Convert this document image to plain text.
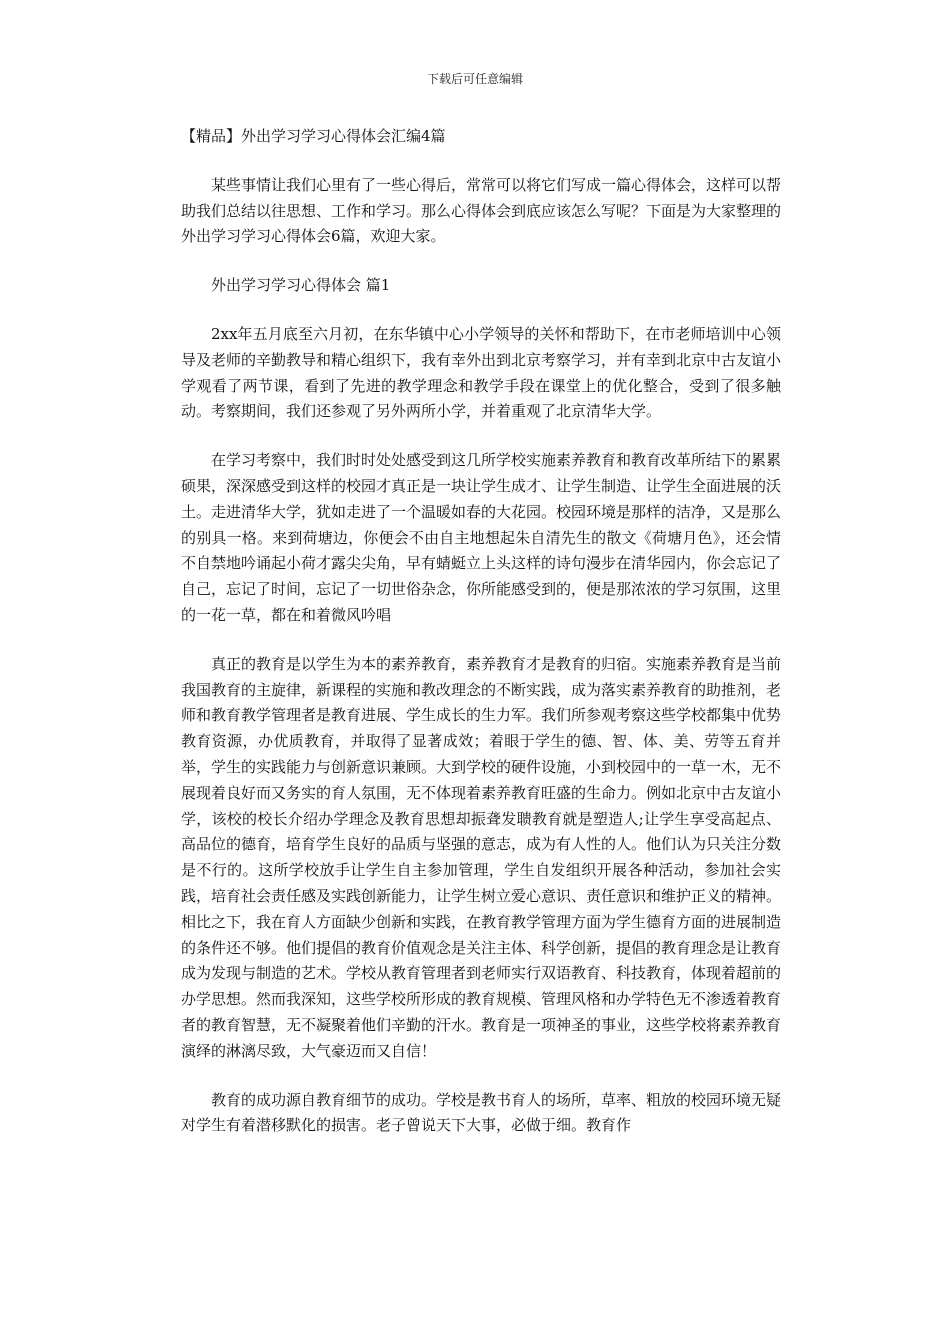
下载后可任意编辑

【精品】外出学习学习心得体会汇编4篇

某些事情让我们心里有了一些心得后，常常可以将它们写成一篇心得体会，这样可以帮助我们总结以往思想、工作和学习。那么心得体会到底应该怎么写呢？下面是为大家整理的外出学习学习心得体会6篇，欢迎大家。

外出学习学习心得体会 篇1

2xx年五月底至六月初，在东华镇中心小学领导的关怀和帮助下，在市老师培训中心领导及老师的辛勤教导和精心组织下，我有幸外出到北京考察学习，并有幸到北京中古友谊小学观看了两节课，看到了先进的教学理念和教学手段在课堂上的优化整合，受到了很多触动。考察期间，我们还参观了另外两所小学，并着重观了北京清华大学。

在学习考察中，我们时时处处感受到这几所学校实施素养教育和教育改革所结下的累累硕果，深深感受到这样的校园才真正是一块让学生成才、让学生制造、让学生全面进展的沃土。走进清华大学，犹如走进了一个温暖如春的大花园。校园环境是那样的洁净，又是那么的别具一格。来到荷塘边，你便会不由自主地想起朱自清先生的散文《荷塘月色》，还会情不自禁地吟诵起小荷才露尖尖角，早有蜻蜓立上头这样的诗句漫步在清华园内，你会忘记了自己，忘记了时间，忘记了一切世俗杂念，你所能感受到的，便是那浓浓的学习氛围，这里的一花一草，都在和着微风吟唱

真正的教育是以学生为本的素养教育，素养教育才是教育的归宿。实施素养教育是当前我国教育的主旋律，新课程的实施和教改理念的不断实践，成为落实素养教育的助推剂，老师和教育教学管理者是教育进展、学生成长的生力军。我们所参观考察这些学校都集中优势教育资源，办优质教育，并取得了显著成效；着眼于学生的德、智、体、美、劳等五育并举，学生的实践能力与创新意识兼顾。大到学校的硬件设施，小到校园中的一草一木，无不展现着良好而又务实的育人氛围，无不体现着素养教育旺盛的生命力。例如北京中古友谊小学，该校的校长介绍办学理念及教育思想却振聋发聩教育就是塑造人;让学生享受高起点、高品位的德育，培育学生良好的品质与坚强的意志，成为有人性的人。他们认为只关注分数是不行的。这所学校放手让学生自主参加管理，学生自发组织开展各种活动，参加社会实践，培育社会责任感及实践创新能力，让学生树立爱心意识、责任意识和维护正义的精神。相比之下，我在育人方面缺少创新和实践，在教育教学管理方面为学生德育方面的进展制造的条件还不够。他们提倡的教育价值观念是关注主体、科学创新，提倡的教育理念是让教育成为发现与制造的艺术。学校从教育管理者到老师实行双语教育、科技教育，体现着超前的办学思想。然而我深知，这些学校所形成的教育规模、管理风格和办学特色无不渗透着教育者的教育智慧，无不凝聚着他们辛勤的汗水。教育是一项神圣的事业，这些学校将素养教育演绎的淋漓尽致，大气豪迈而又自信！

教育的成功源自教育细节的成功。学校是教书育人的场所，草率、粗放的校园环境无疑对学生有着潜移默化的损害。老子曾说天下大事，必做于细。教育作
